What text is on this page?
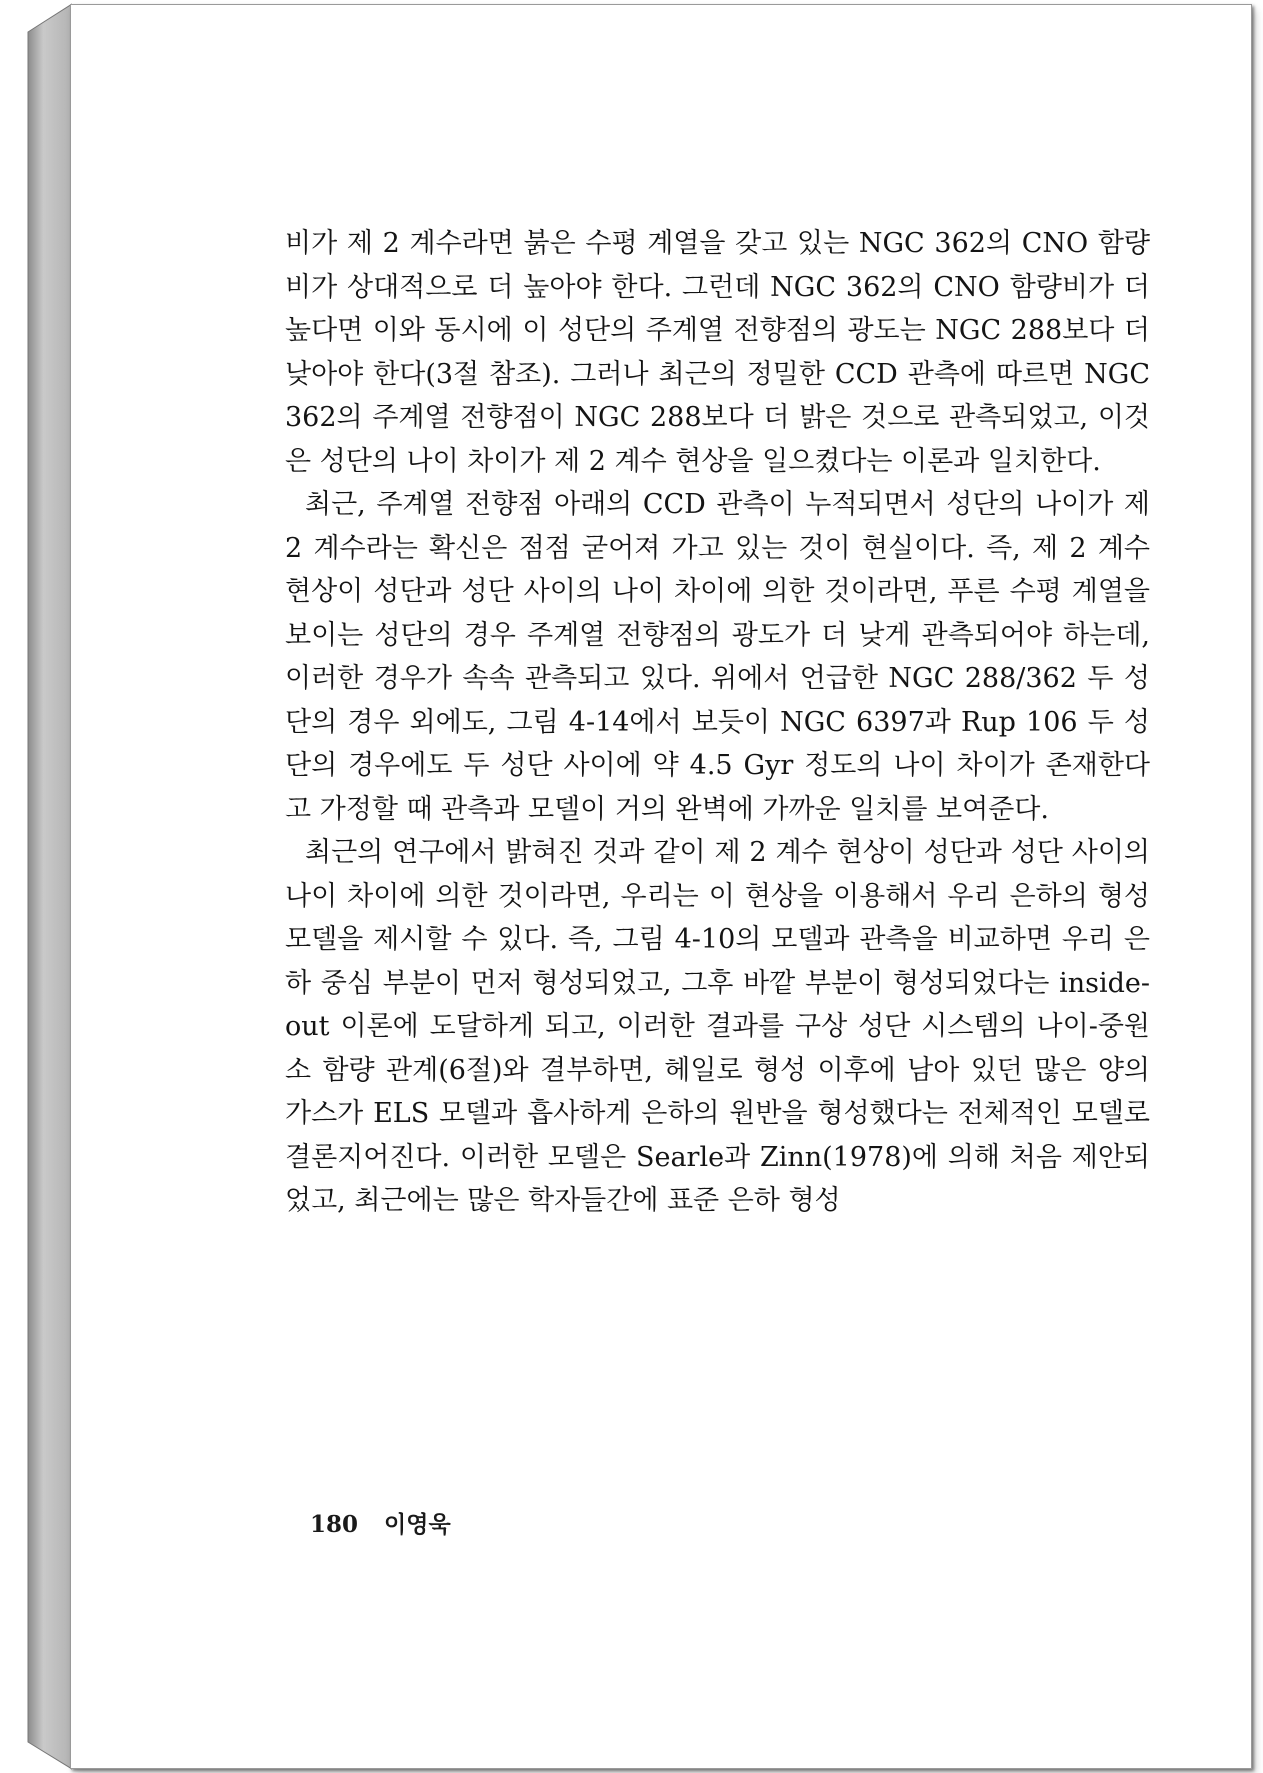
비가 제 2 계수라면 붉은 수평 계열을 갖고 있는 NGC 362의 CNO 함량비가 상대적으로 더 높아야 한다. 그런데 NGC 362의 CNO 함량비가 더 높다면 이와 동시에 이 성단의 주계열 전향점의 광도는 NGC 288보다 더 낮아야 한다(3절 참조). 그러나 최근의 정밀한 CCD 관측에 따르면 NGC 362의 주계열 전향점이 NGC 288보다 더 밝은 것으로 관측되었고, 이것은 성단의 나이 차이가 제 2 계수 현상을 일으켰다는 이론과 일치한다.

최근, 주계열 전향점 아래의 CCD 관측이 누적되면서 성단의 나이가 제 2 계수라는 확신은 점점 굳어져 가고 있는 것이 현실이다. 즉, 제 2 계수 현상이 성단과 성단 사이의 나이 차이에 의한 것이라면, 푸른 수평 계열을 보이는 성단의 경우 주계열 전향점의 광도가 더 낮게 관측되어야 하는데, 이러한 경우가 속속 관측되고 있다. 위에서 언급한 NGC 288/362 두 성단의 경우 외에도, 그림 4-14에서 보듯이 NGC 6397과 Rup 106 두 성단의 경우에도 두 성단 사이에 약 4.5 Gyr 정도의 나이 차이가 존재한다고 가정할 때 관측과 모델이 거의 완벽에 가까운 일치를 보여준다.

최근의 연구에서 밝혀진 것과 같이 제 2 계수 현상이 성단과 성단 사이의 나이 차이에 의한 것이라면, 우리는 이 현상을 이용해서 우리 은하의 형성 모델을 제시할 수 있다. 즉, 그림 4-10의 모델과 관측을 비교하면 우리 은하 중심 부분이 먼저 형성되었고, 그후 바깥 부분이 형성되었다는 inside-out 이론에 도달하게 되고, 이러한 결과를 구상 성단 시스템의 나이-중원소 함량 관계(6절)와 결부하면, 헤일로 형성 이후에 남아 있던 많은 양의 가스가 ELS 모델과 흡사하게 은하의 원반을 형성했다는 전체적인 모델로 결론지어진다. 이러한 모델은 Searle과 Zinn(1978)에 의해 처음 제안되었고, 최근에는 많은 학자들간에 표준 은하 형성

180 이영욱
